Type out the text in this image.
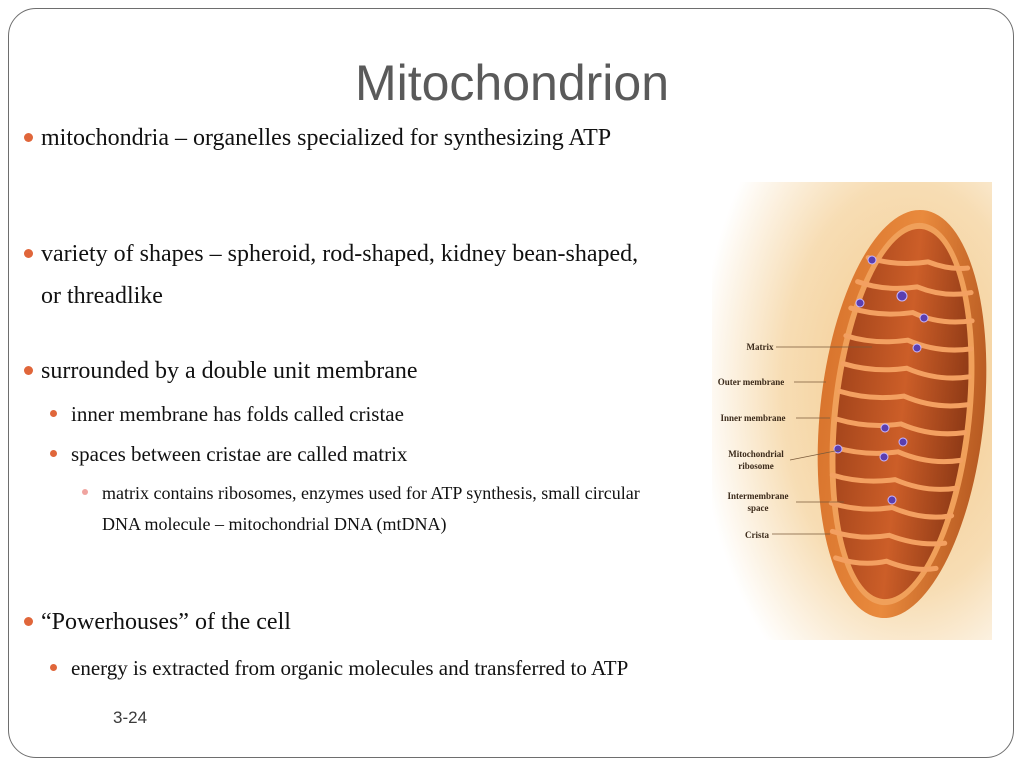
Mitochondrion
mitochondria – organelles specialized for synthesizing ATP
variety of shapes – spheroid, rod-shaped, kidney bean-shaped, or threadlike
surrounded by a double unit membrane
inner membrane has folds called cristae
spaces between cristae are called matrix
matrix contains ribosomes, enzymes used for ATP synthesis, small circular DNA molecule – mitochondrial DNA (mtDNA)
“Powerhouses” of the cell
energy is extracted from organic molecules and transferred to ATP
3-24
Matrix
Outer membrane
Inner membrane
Mitochondrial
ribosome
Intermembrane
space
Crista
